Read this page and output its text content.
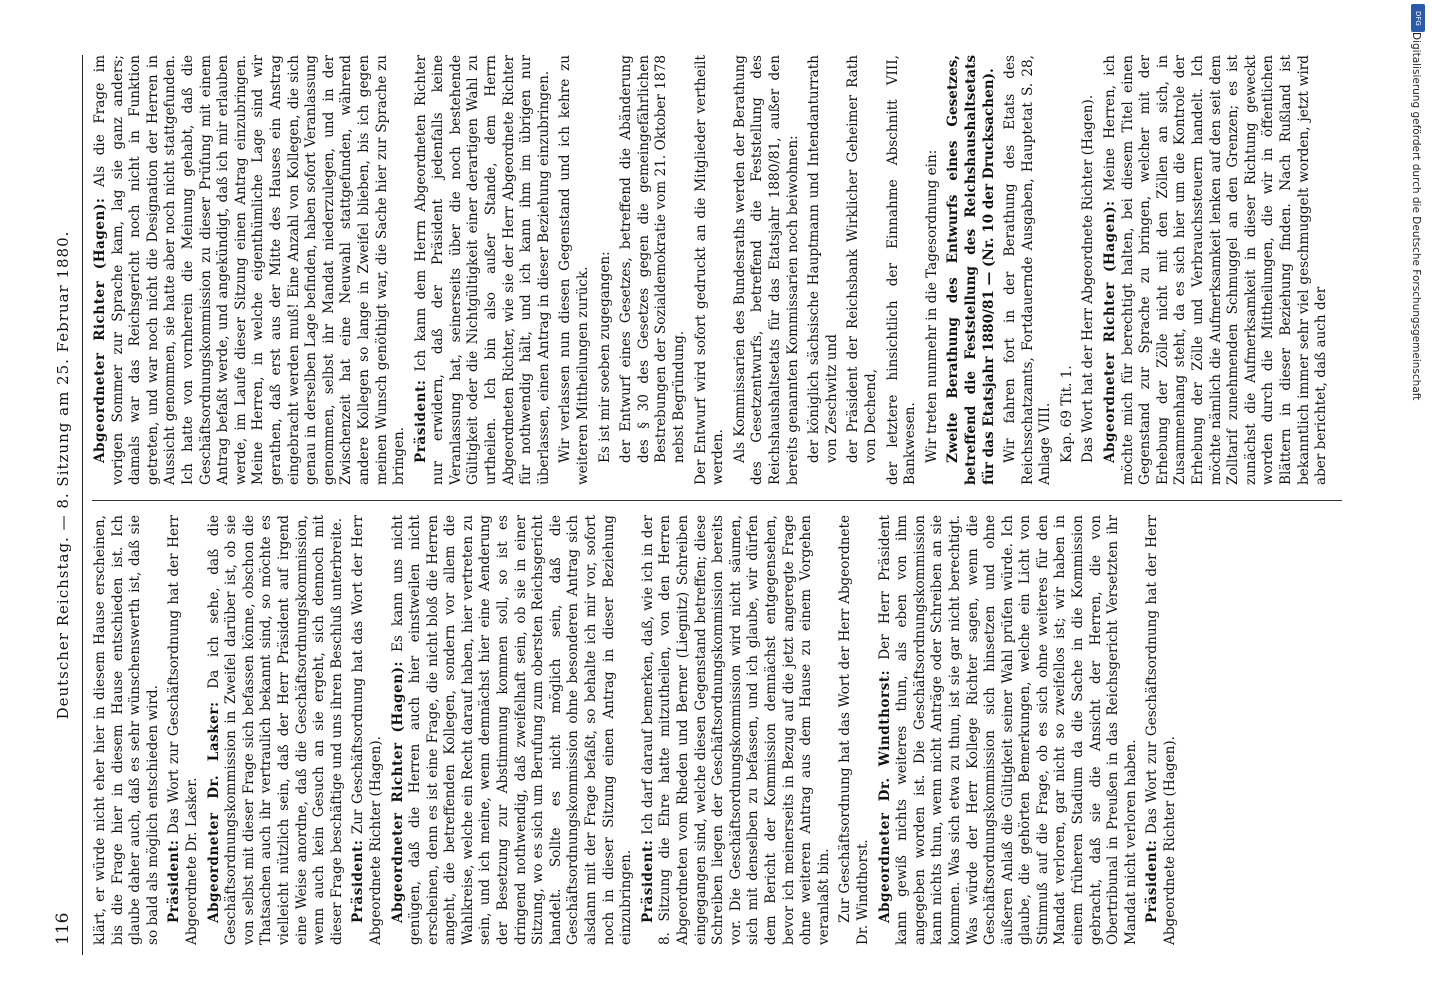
116
Deutscher Reichstag. — 8. Sitzung am 25. Februar 1880.

klärt, er würde nicht eher hier in diesem Hause erscheinen, bis die Frage hier in diesem Hause entschieden ist. Ich glaube daher auch, daß es sehr wünschenswerth ist, daß sie so bald als möglich entschieden wird. Präsident: Das Wort zur Geschäftsordnung hat der Herr Abgeordnete Dr. Lasker. Abgeordneter Dr. Lasker: Da ich sehe, daß die Geschäftsordnungskommission in Zweifel darüber ist, ob sie von selbst mit dieser Frage sich befassen könne, obschon die Thatsachen auch ihr vertraulich bekannt sind, so möchte es vielleicht nützlich sein, daß der Herr Präsident auf irgend eine Weise anordne, daß die Geschäftsordnungskommission, wenn auch kein Gesuch an sie ergeht, sich dennoch mit dieser Frage beschäftige und uns ihren Beschluß unterbreite. Präsident: Zur Geschäftsordnung hat das Wort der Herr Abgeordnete Richter (Hagen). Abgeordneter Richter (Hagen): Es kann uns nicht genügen, daß die Herren auch hier einstweilen nicht erscheinen, denn es ist eine Frage, die nicht bloß die Herren angeht, die betreffenden Kollegen, sondern vor allem die Wahlkreise, welche ein Recht darauf haben, hier vertreten zu sein, und ich meine, wenn demnächst hier eine Aenderung der Besetzung zur Abstimmung kommen soll, so ist es dringend nothwendig, daß zweifelhaft sein, ob sie in einer Sitzung, wo es sich um Berufung zum obersten Reichsgericht handelt. Sollte es nicht möglich sein, daß die Geschäftsordnungskommission ohne besonderen Antrag sich alsdann mit der Frage befaßt, so behalte ich mir vor, sofort noch in dieser Sitzung einen Antrag in dieser Beziehung einzubringen. Präsident: Ich darf darauf bemerken, daß, wie ich in der 8. Sitzung die Ehre hatte mitzutheilen, von den Herren Abgeordneten vom Rheden und Berner (Liegnitz) Schreiben eingegangen sind, welche diesen Gegenstand betreffen; diese Schreiben liegen der Geschäftsordnungskommission bereits vor. Die Geschäftsordnungskommission wird nicht säumen, sich mit denselben zu befassen, und ich glaube, wir dürfen dem Bericht der Kommission demnächst entgegensehen, bevor ich meinerseits in Bezug auf die jetzt angeregte Frage ohne weiteren Antrag aus dem Hause zu einem Vorgehen veranlaßt bin. Zur Geschäftsordnung hat das Wort der Herr Abgeordnete Dr. Windthorst. Abgeordneter Dr. Windthorst: Der Herr Präsident kann gewiß nichts weiteres thun, als eben von ihm angegeben worden ist. Die Geschäftsordnungskommission kann nichts thun, wenn nicht Anträge oder Schreiben an sie kommen. Was sich etwa zu thun, ist sie gar nicht berechtigt. Was würde der Herr Kollege Richter sagen, wenn die Geschäftsordnungskommission sich hinsetzen und ohne äußeren Anlaß die Gültigkeit seiner Wahl prüfen würde. Ich glaube, die gehörten Bemerkungen, welche ein Licht von Stimmuß auf die Frage, ob es sich ohne weiteres für den Mandat verloren, gar nicht so zweifellos ist; wir haben in einem früheren Stadium da die Sache in die Kommission gebracht, daß sie die Ansicht der Herren, die von Obertribunal in Preußen in das Reichsgericht Versetzten ihr Mandat nicht verloren haben. Präsident: Das Wort zur Geschäftsordnung hat der Herr Abgeordnete Richter (Hagen).

Abgeordneter Richter (Hagen): Als die Frage im vorigen Sommer zur Sprache kam, lag sie ganz anders; damals war das Reichsgericht noch nicht in Funktion getreten, und war noch nicht die Designation der Herren in Aussicht genommen, sie hatte aber noch nicht stattgefunden. Ich hatte von vornherein die Meinung gehabt, daß die Geschäftsordnungskommission zu dieser Prüfung mit einem Antrag befaßt werde, und angekündigt, daß ich mir erlauben werde, im Laufe dieser Sitzung einen Antrag einzubringen. Meine Herren, in welche eigenthümliche Lage sind wir gerathen, daß erst aus der Mitte des Hauses ein Anstrag eingebracht werden muß! Eine Anzahl von Kollegen, die sich genau in derselben Lage befinden, haben sofort Veranlassung genommen, selbst ihr Mandat niederzulegen, und in der Zwischenzeit hat eine Neuwahl stattgefunden, während andere Kollegen so lange in Zweifel blieben, bis ich gegen meinen Wunsch genöthigt war, die Sache hier zur Sprache zu bringen. Präsident: Ich kann dem Herrn Abgeordneten Richter nur erwidern, daß der Präsident jedenfalls keine Veranlassung hat, seinerseits über die noch bestehende Gültigkeit oder die Nichtgültigkeit einer derartigen Wahl zu urtheilen. Ich bin also außer Stande, dem Herrn Abgeordneten Richter, wie sie der Herr Abgeordnete Richter für nothwendig hält, und ich kann ihm im übrigen nur überlassen, einen Antrag in dieser Beziehung einzubringen. Wir verlassen nun diesen Gegenstand und ich kehre zu weiteren Mittheilungen zurück. Es ist mir soeben zugegangen: der Entwurf eines Gesetzes, betreffend die Abänderung des § 30 des Gesetzes gegen die gemeingefährlichen Bestrebungen der Sozialdemokratie vom 21. Oktober 1878 nebst Begründung. Der Entwurf wird sofort gedruckt an die Mitglieder vertheilt werden. Als Kommissarien des Bundesraths werden der Berathung des Gesetzentwurfs, betreffend die Feststellung des Reichshaushaltsetats für das Etatsjahr 1880/81, außer den bereits genannten Kommissarien noch beiwohnen: der königlich sächsische Hauptmann und Intendanturrath von Zeschwitz und der Präsident der Reichsbank Wirklicher Geheimer Rath von Dechend, der letztere hinsichtlich der Einnahme Abschnitt VIII, Bankwesen. Wir treten nunmehr in die Tagesordnung ein: Zweite Berathung des Entwurfs eines Gesetzes, betreffend die Feststellung des Reichshaushaltsetats für das Etatsjahr 1880/81 — (Nr. 10 der Drucksachen). Wir fahren fort in der Berathung des Etats des Reichsschatzamts, Fortdauernde Ausgaben, Hauptetat S. 28, Anlage VIII. Kap. 69 Tit. 1. Das Wort hat der Herr Abgeordnete Richter (Hagen). Abgeordneter Richter (Hagen): Meine Herren, ich möchte mich für berechtigt halten, bei diesem Titel einen Gegenstand zur Sprache zu bringen, welcher mit der Erhebung der Zölle nicht mit den Zöllen an sich, in Zusammenhang steht, da es sich hier um die Kontrole der Erhebung der Zölle und Verbrauchssteuern handelt. Ich möchte nämlich die Aufmerksamkeit lenken auf den seit dem Zolltarif zunehmenden Schmuggel an den Grenzen; es ist zunächst die Aufmerksamkeit in dieser Richtung geweckt worden durch die Mittheilungen, die wir in öffentlichen Blättern in dieser Beziehung finden. Nach Rußland ist bekanntlich immer sehr viel geschmuggelt worden, jetzt wird aber berichtet, daß auch der	Digitalisierung gefördert durch die Deutsche Forschungsgemeinschaft
DFG
